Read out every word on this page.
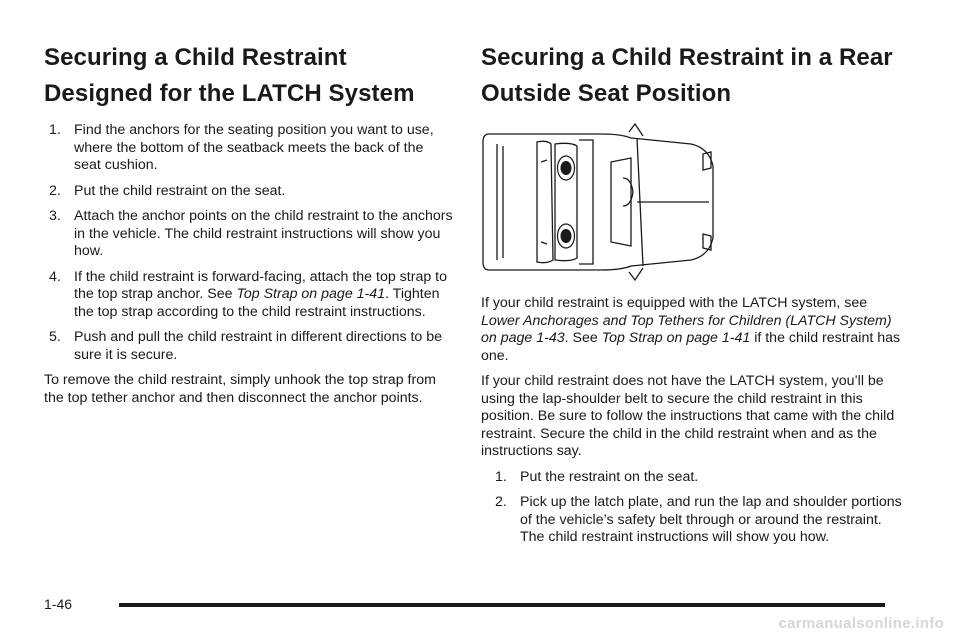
Securing a Child Restraint Designed for the LATCH System
1. Find the anchors for the seating position you want to use, where the bottom of the seatback meets the back of the seat cushion.
2. Put the child restraint on the seat.
3. Attach the anchor points on the child restraint to the anchors in the vehicle. The child restraint instructions will show you how.
4. If the child restraint is forward-facing, attach the top strap to the top strap anchor. See Top Strap on page 1-41. Tighten the top strap according to the child restraint instructions.
5. Push and pull the child restraint in different directions to be sure it is secure.

To remove the child restraint, simply unhook the top strap from the top tether anchor and then disconnect the anchor points.

Securing a Child Restraint in a Rear Outside Seat Position

If your child restraint is equipped with the LATCH system, see Lower Anchorages and Top Tethers for Children (LATCH System) on page 1-43. See Top Strap on page 1-41 if the child restraint has one.

If your child restraint does not have the LATCH system, you’ll be using the lap-shoulder belt to secure the child restraint in this position. Be sure to follow the instructions that came with the child restraint. Secure the child in the child restraint when and as the instructions say.

1. Put the restraint on the seat.
2. Pick up the latch plate, and run the lap and shoulder portions of the vehicle’s safety belt through or around the restraint. The child restraint instructions will show you how.
1-46
carmanualsonline.info
